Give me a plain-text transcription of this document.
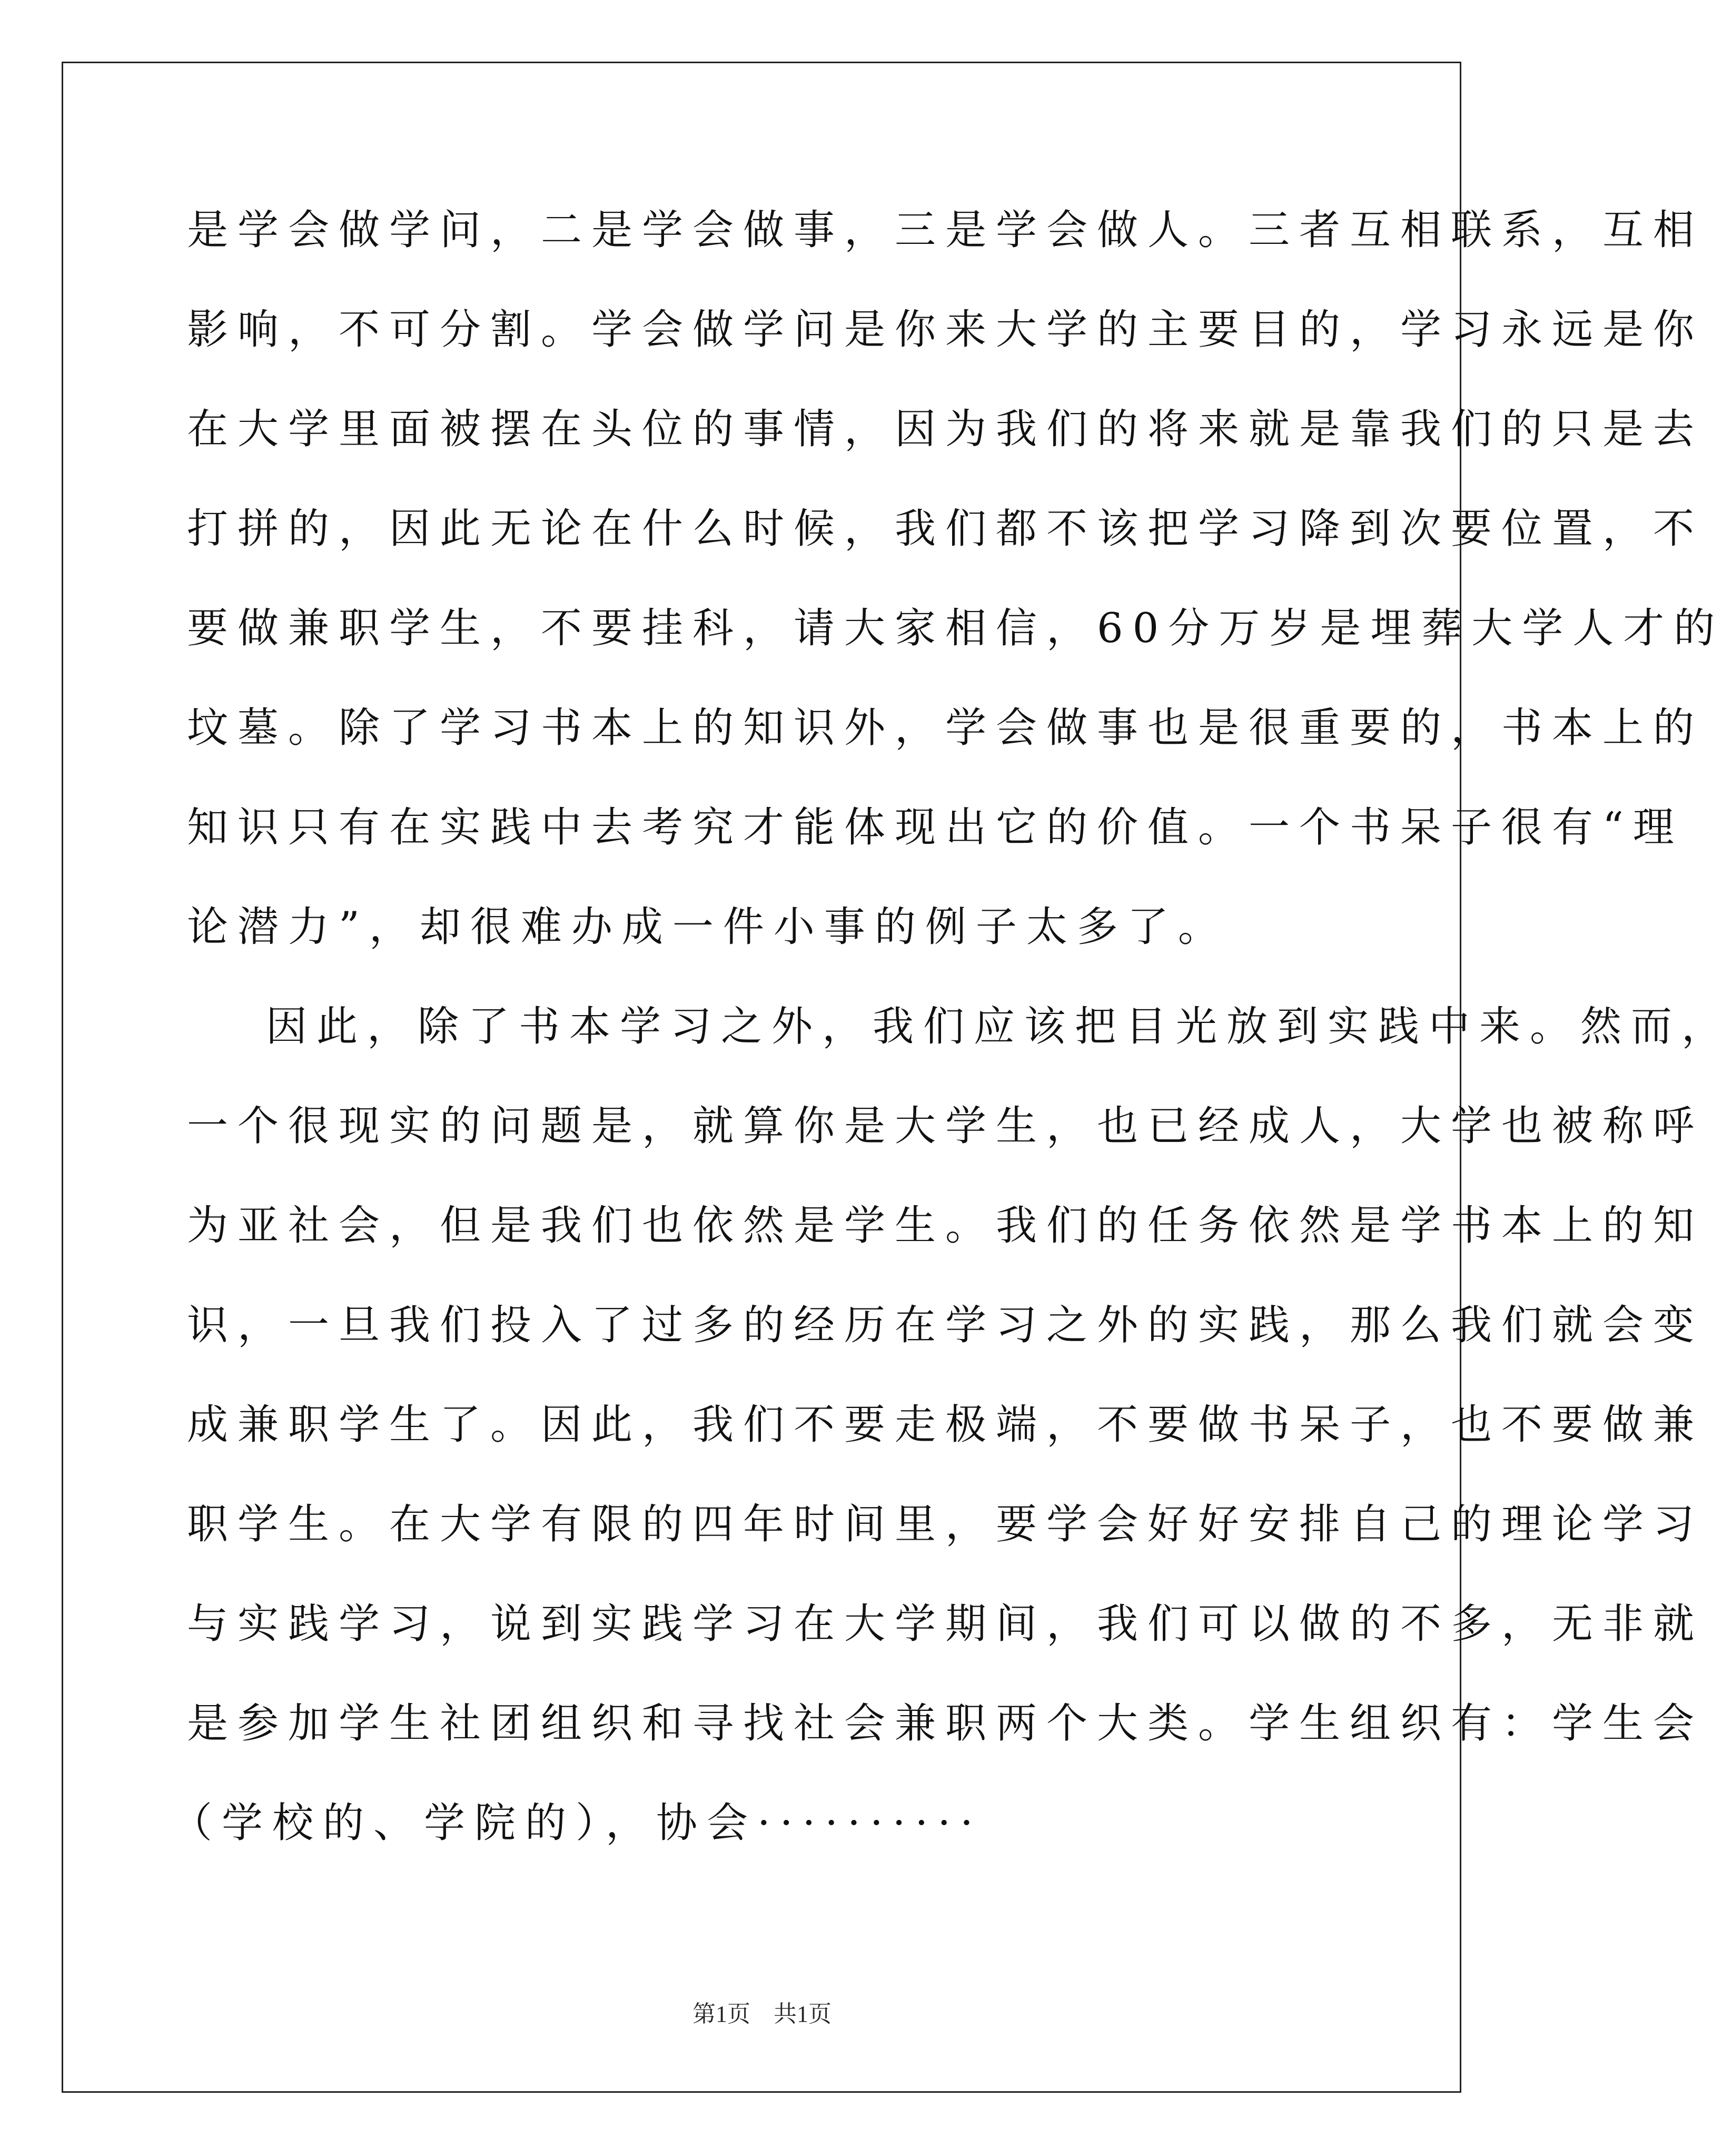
是学会做学问，二是学会做事，三是学会做人。三者互相联系，互相
影响，不可分割。学会做学问是你来大学的主要目的，学习永远是你
在大学里面被摆在头位的事情，因为我们的将来就是靠我们的只是去
打拼的，因此无论在什么时候，我们都不该把学习降到次要位置，不
要做兼职学生，不要挂科，请大家相信，60分万岁是埋葬大学人才的
坟墓。除了学习书本上的知识外，学会做事也是很重要的，书本上的
知识只有在实践中去考究才能体现出它的价值。一个书呆子很有“理
论潜力”，却很难办成一件小事的例子太多了。
因此，除了书本学习之外，我们应该把目光放到实践中来。然而，
一个很现实的问题是，就算你是大学生，也已经成人，大学也被称呼
为亚社会，但是我们也依然是学生。我们的任务依然是学书本上的知
识，一旦我们投入了过多的经历在学习之外的实践，那么我们就会变
成兼职学生了。因此，我们不要走极端，不要做书呆子，也不要做兼
职学生。在大学有限的四年时间里，要学会好好安排自己的理论学习
与实践学习，说到实践学习在大学期间，我们可以做的不多，无非就
是参加学生社团组织和寻找社会兼职两个大类。学生组织有：学生会
（学校的、学院的），协会··········
第1页　共1页
